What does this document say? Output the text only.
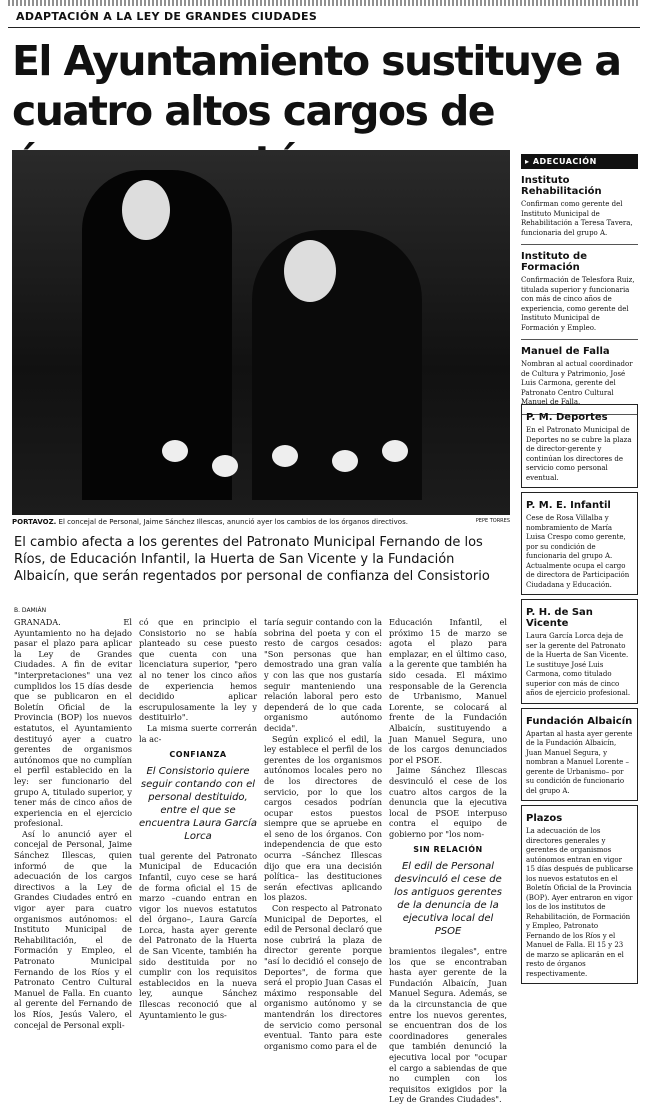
ADAPTACIÓN A LA LEY DE GRANDES CIUDADES
El Ayuntamiento sustituye a cuatro altos cargos de
PORTAVOZ. El concejal de Personal, Jaime Sánchez Illescas, anunció ayer los cambios de los órganos directivos.	PEPE TORRES
El cambio afecta a los gerentes del Patronato Municipal Fernando de los Ríos, de Educación Infantil, la Huerta de San Vicente y la Fundación Albaicín, que serán regentados por personal de confianza del Consistorio
B. DAMIÁN

GRANADA. El Ayuntamiento no ha dejado pasar el plazo para aplicar la Ley de Grandes Ciudades. A fin de evitar "interpretaciones" una vez cumplidos los 15 días desde que se publicaron en el Boletín Oficial de la Provincia (BOP) los nuevos estatutos, el Ayuntamiento destituyó ayer a cuatro gerentes de organismos autónomos que no cumplían el perfil establecido en la ley: ser funcionario del grupo A, titulado superior, y tener más de cinco años de experiencia en el ejercicio profesional.

Así lo anunció ayer el concejal de Personal, Jaime Sánchez Illescas, quien informó de que la adecuación de los cargos directivos a la Ley de Grandes Ciudades entró en vigor ayer para cuatro organismos autónomos: el Instituto Municipal de Rehabilitación, el de Formación y Empleo, el Patronato Municipal Fernando de los Ríos y el Patronato Centro Cultural Manuel de Falla. En cuanto al gerente del Fernando de los Ríos, Jesús Valero, el concejal de Personal expli-

có que en principio el Consistorio no se había planteado su cese puesto que cuenta con una licenciatura superior, "pero al no tener los cinco años de experiencia hemos decidido aplicar escrupulosamente la ley y destituirlo".

La misma suerte correrán la ac-

CONFIANZA
El Consistorio quiere seguir contando con el personal destituido, entre el que se encuentra Laura García Lorca

tual gerente del Patronato Municipal de Educación Infantil, cuyo cese se hará de forma oficial el 15 de marzo –cuando entran en vigor los nuevos estatutos del órgano–, Laura García Lorca, hasta ayer gerente del Patronato de la Huerta de San Vicente, también ha sido destituida por no cumplir con los requisitos establecidos en la nueva ley, aunque Sánchez Illescas reconoció que al Ayuntamiento le gus-

taría seguir contando con la sobrina del poeta y con el resto de cargos cesados: "Son personas que han demostrado una gran valía y con las que nos gustaría seguir manteniendo una relación laboral pero esto dependerá de lo que cada organismo autónomo decida".

Según explicó el edil, la ley establece el perfil de los gerentes de los organismos autónomos locales pero no de los directores de servicio, por lo que los cargos cesados podrían ocupar estos puestos siempre que se apruebe en el seno de los órganos. Con independencia de que esto ocurra –Sánchez Illescas dijo que era una decisión política– las destituciones serán efectivas aplicando los plazos.

Con respecto al Patronato Municipal de Deportes, el edil de Personal declaró que nose cubrirá la plaza de director gerente porque "así lo decidió el consejo de Deportes", de forma que será el propio Juan Casas el máximo responsable del organismo autónomo y se mantendrán los directores de servicio como personal eventual. Tanto para este organismo como para el de

Educación Infantil, el próximo 15 de marzo se agota el plazo para emplazar, en el último caso, a la gerente que también ha sido cesada. El máximo responsable de la Gerencia de Urbanismo, Manuel Lorente, se colocará al frente de la Fundación Albaicín, sustituyendo a Juan Manuel Segura, uno de los cargos denunciados por el PSOE.

Jaime Sánchez Illescas desvinculó el cese de los cuatro altos cargos de la denuncia que la ejecutiva local de PSOE interpuso contra el equipo de gobierno por "los nom-

SIN RELACIÓN
El edil de Personal desvinculó el cese de los antiguos gerentes de la denuncia de la ejecutiva local del PSOE

bramientos ilegales", entre los que se encontraban hasta ayer gerente de la Fundación Albaicín, Juan Manuel Segura. Además, se da la circunstancia de que entre los nuevos gerentes, se encuentran dos de los coordinadores generales que también denunció la ejecutiva local por "ocupar el cargo a sabiendas de que no cumplen con los requisitos exigidos por la Ley de Grandes Ciudades".

▸ ADECUACIÓN
Instituto Rehabilitación
Confirman como gerente del Instituto Municipal de Rehabilitación a Teresa Tavera, funcionaria del grupo A.
Instituto de Formación
Confirmación de Telesfora Ruiz, titulada superior y funcionaria con más de cinco años de experiencia, como gerente del Instituto Municipal de Formación y Empleo.
Manuel de Falla
Nombran al actual coordinador de Cultura y Patrimonio, José Luis Carmona, gerente del Patronato Centro Cultural Manuel de Falla.
P. M. Deportes
En el Patronato Municipal de Deportes no se cubre la plaza de director-gerente y continúan los directores de servicio como personal eventual.
P. M. E. Infantil
Cese de Rosa Villalba y nombramiento de María Luisa Crespo como gerente, por su condición de funcionaria del grupo A. Actualmente ocupa el cargo de directora de Participación Ciudadana y Educación.
P. H. de San Vicente
Laura García Lorca deja de ser la gerente del Patronato de la Huerta de San Vicente. Le sustituye José Luis Carmona, como titulado superior con más de cinco años de ejercicio profesional.
Fundación Albaicín
Apartan al hasta ayer gerente de la Fundación Albaicín, Juan Manuel Segura, y nombran a Manuel Lorente –gerente de Urbanismo– por su condición de funcionario del grupo A.
Plazos
La adecuación de los directores generales y gerentes de organismos autónomos entran en vigor 15 días después de publicarse los nuevos estatutos en el Boletín Oficial de la Provincia (BOP). Ayer entraron en vigor los de los institutos de Rehabilitación, de Formación y Empleo, Patronato Fernando de los Ríos y el Manuel de Falla. El 15 y 23 de marzo se aplicarán en el resto de órganos respectivamente.
